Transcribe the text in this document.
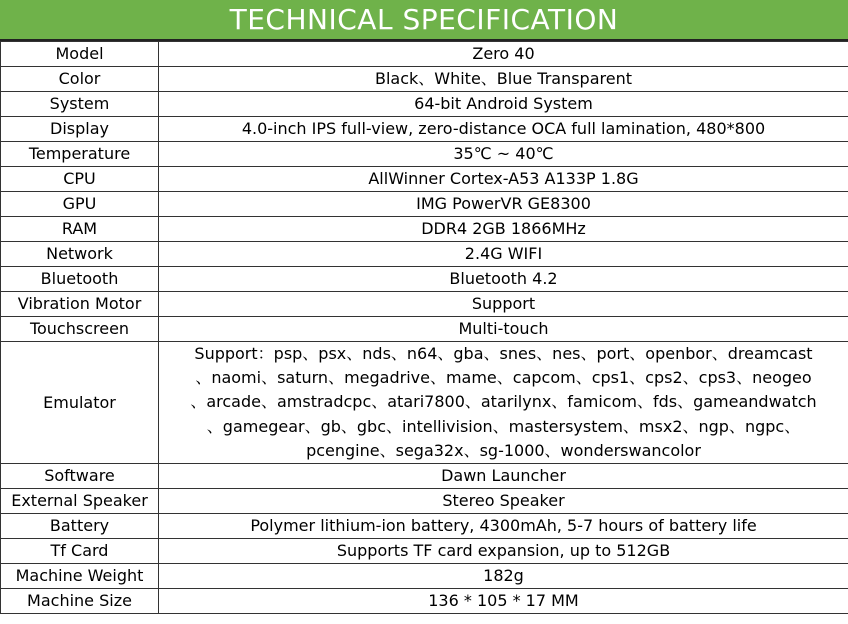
TECHNICAL SPECIFICATION
Model	Zero 40
Color	Black、White、Blue Transparent
System	64-bit Android System
Display	4.0-inch IPS full-view, zero-distance OCA full lamination, 480*800
Temperature	35℃ ~ 40℃
CPU	AllWinner Cortex-A53 A133P 1.8G
GPU	IMG PowerVR GE8300
RAM	DDR4 2GB 1866MHz
Network	2.4G WIFI
Bluetooth	Bluetooth 4.2
Vibration Motor	Support
Touchscreen	Multi-touch
Emulator	Support：psp、psx、nds、n64、gba、snes、nes、port、openbor、dreamcast
、naomi、saturn、megadrive、mame、capcom、cps1、cps2、cps3、neogeo
、arcade、amstradcpc、atari7800、atarilynx、famicom、fds、gameandwatch
、gamegear、gb、gbc、intellivision、mastersystem、msx2、ngp、ngpc、
pcengine、sega32x、sg-1000、wonderswancolor

Software	Dawn Launcher
External Speaker	Stereo Speaker
Battery	Polymer lithium-ion battery, 4300mAh, 5-7 hours of battery life
Tf Card	Supports TF card expansion, up to 512GB
Machine Weight	182g
Machine Size	136 * 105 * 17 MM
